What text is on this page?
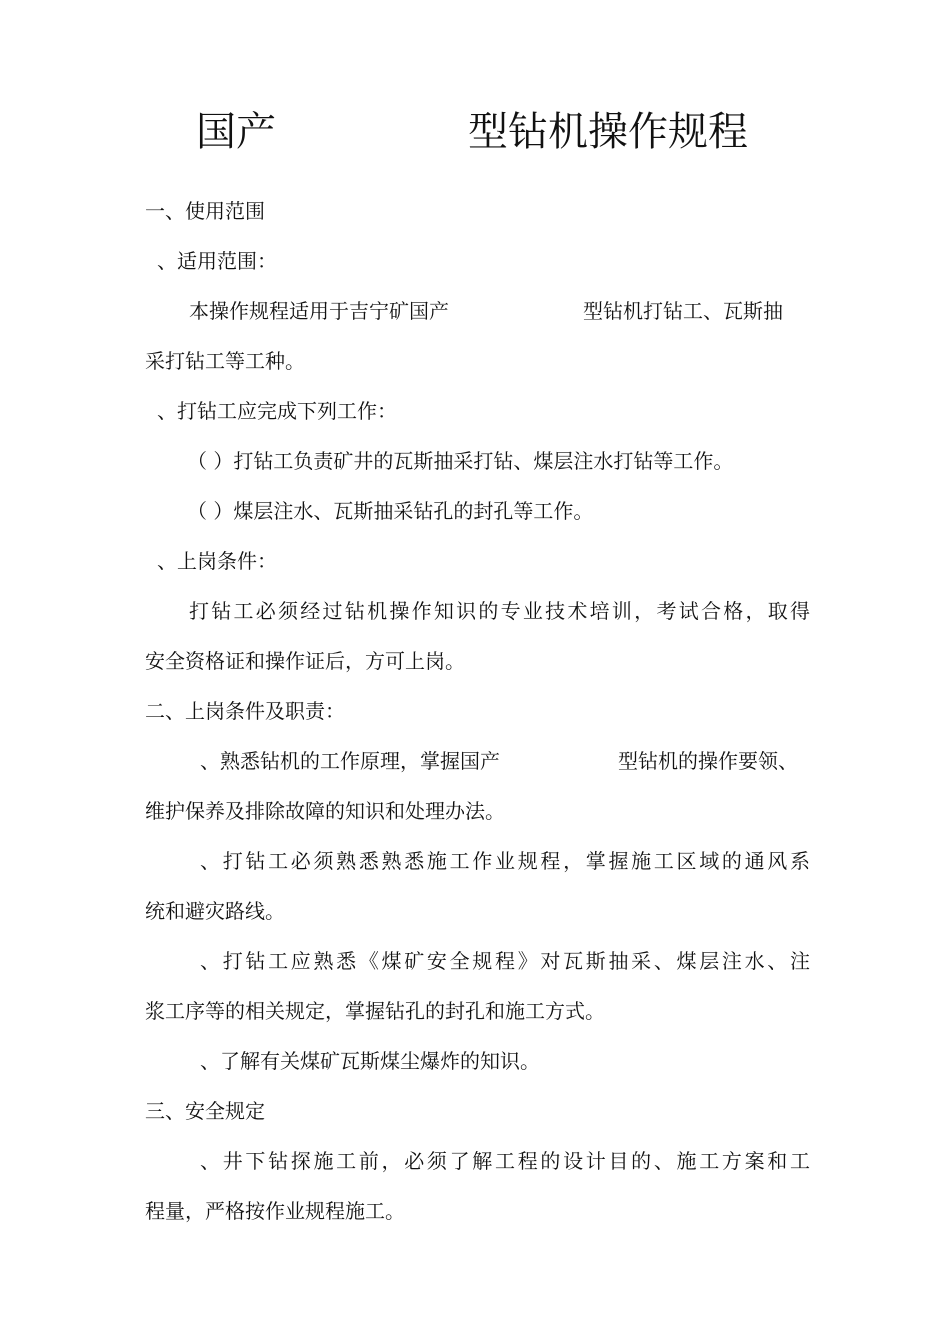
国产	型钻机操作规程
一、使用范围
、适用范围：
本操作规程适用于吉宁矿国产	型钻机打钻工、瓦斯抽
采打钻工等工种。
、打钻工应完成下列工作：
（ ）打钻工负责矿井的瓦斯抽采打钻、煤层注水打钻等工作。
（ ）煤层注水、瓦斯抽采钻孔的封孔等工作。
、上岗条件：
打钻工必须经过钻机操作知识的专业技术培训，考试合格，取得
安全资格证和操作证后，方可上岗。
二、上岗条件及职责：
、熟悉钻机的工作原理，掌握国产	型钻机的操作要领、
维护保养及排除故障的知识和处理办法。
、打钻工必须熟悉熟悉施工作业规程，掌握施工区域的通风系
统和避灾路线。
、打钻工应熟悉《煤矿安全规程》对瓦斯抽采、煤层注水、注
浆工序等的相关规定，掌握钻孔的封孔和施工方式。
、了解有关煤矿瓦斯煤尘爆炸的知识。
三、安全规定
、井下钻探施工前，必须了解工程的设计目的、施工方案和工
程量，严格按作业规程施工。
